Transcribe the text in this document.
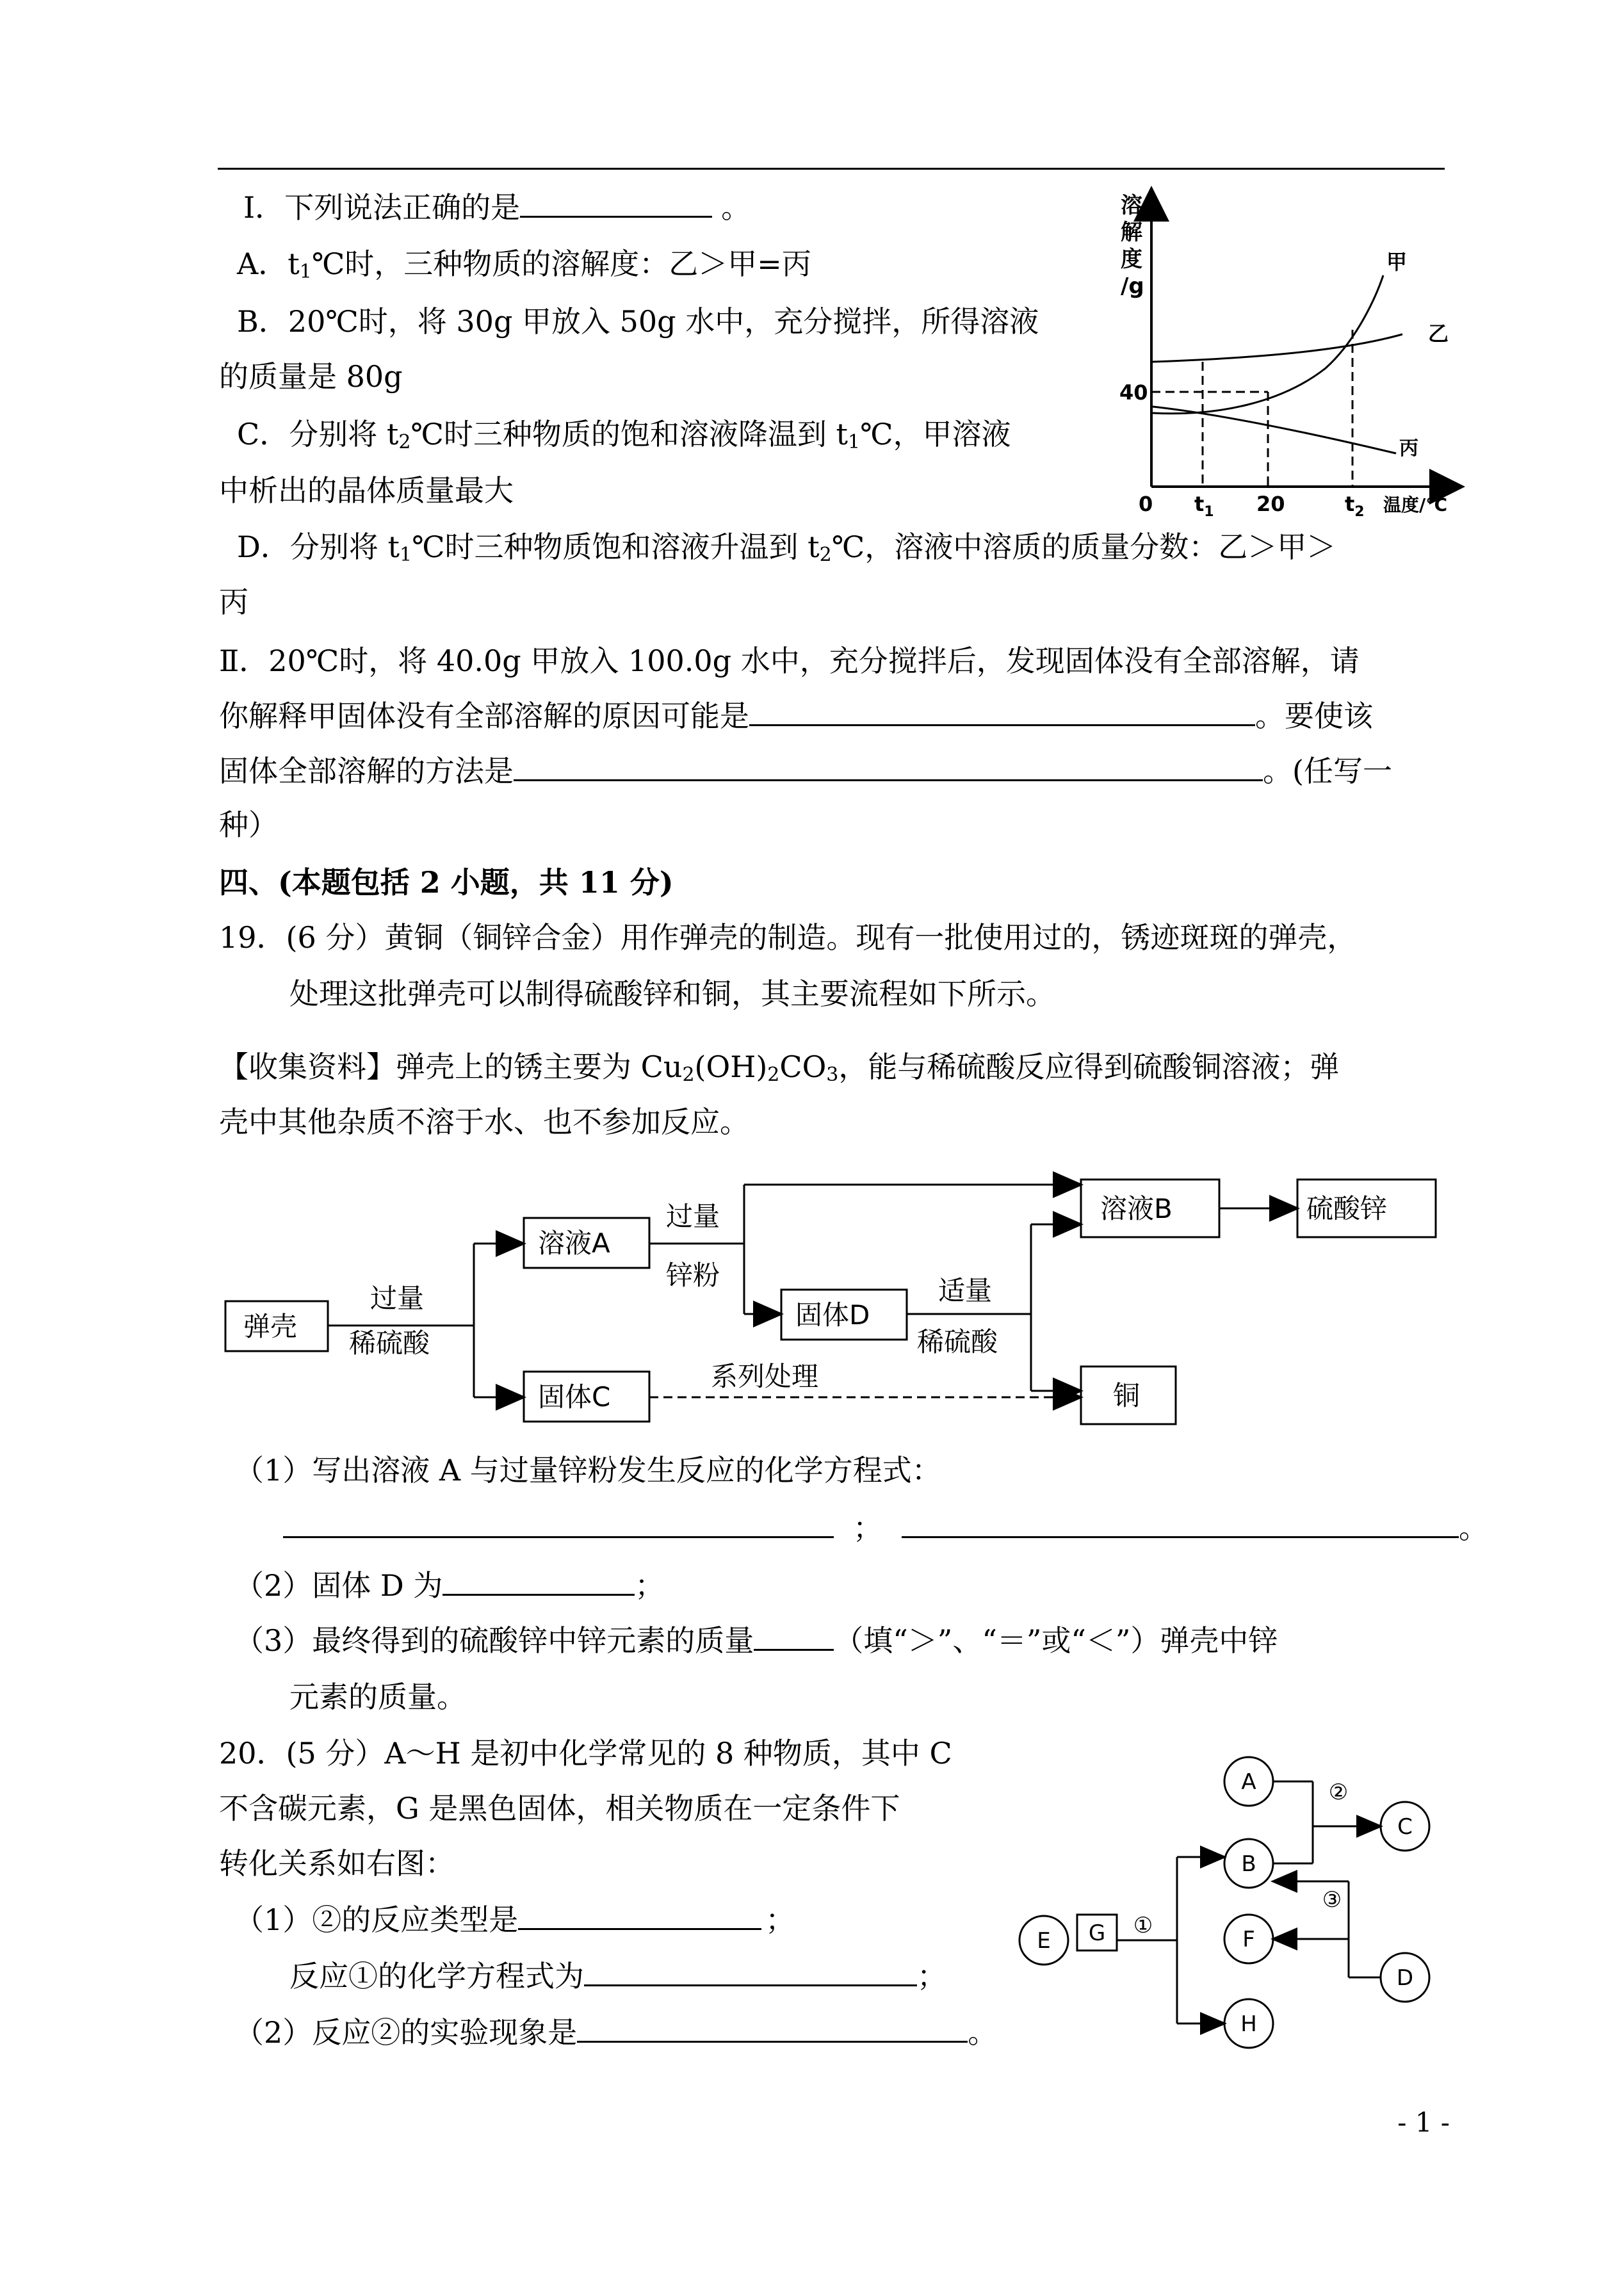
Ⅰ．下列说法正确的是	。
A．$t_1℃$时，三种物质的溶解度：乙＞甲=丙
B．20℃时，将 30g 甲放入 50g 水中，充分搅拌，所得溶液
的质量是 80g
C．分别将 $t_2℃$时三种物质的饱和溶液降温到 $t_1℃$，甲溶液
中析出的晶体质量最大
D．分别将 $t_1℃$时三种物质饱和溶液升温到 $t_2℃$，溶液中溶质的质量分数：乙＞甲＞
丙
溶解度/g
40
0 $t_1$ 20	$t_2$ 温度/℃
甲
乙
丙
Ⅱ．20℃时，将 40.0g 甲放入 100.0g 水中，充分搅拌后，发现固体没有全部溶解，请
你解释甲固体没有全部溶解的原因可能是	。要使该
固体全部溶解的方法是	。(任写一
种）
四、(本题包括 2 小题，共 11 分)
19．(6 分）黄铜（铜锌合金）用作弹壳的制造。现有一批使用过的，锈迹斑斑的弹壳，
处理这批弹壳可以制得硫酸锌和铜，其主要流程如下所示。
【收集资料】弹壳上的锈主要为 $Cu_2(OH)_2CO_3$，能与稀硫酸反应得到硫酸铜溶液；弹
壳中其他杂质不溶于水、也不参加反应。
弹壳
过量
稀硫酸
溶液A
固体C
过量
锌粉
固体D
适量
稀硫酸
系列处理
溶液B	硫酸锌
铜
（1）写出溶液 A 与过量锌粉发生反应的化学方程式：
；	。
（2）固体 D 为	；
（3）最终得到的硫酸锌中锌元素的质量	（填“＞”、“＝”或“＜”）弹壳中锌
元素的质量。
20．(5 分）A～H 是初中化学常见的 8 种物质，其中 C
不含碳元素，G 是黑色固体，相关物质在一定条件下
转化关系如右图：
（1）②的反应类型是	；
反应①的化学方程式为	；
（2）反应②的实验现象是	。
A
B
C
D
E	F
G
H
①
②
③
- 1 -
